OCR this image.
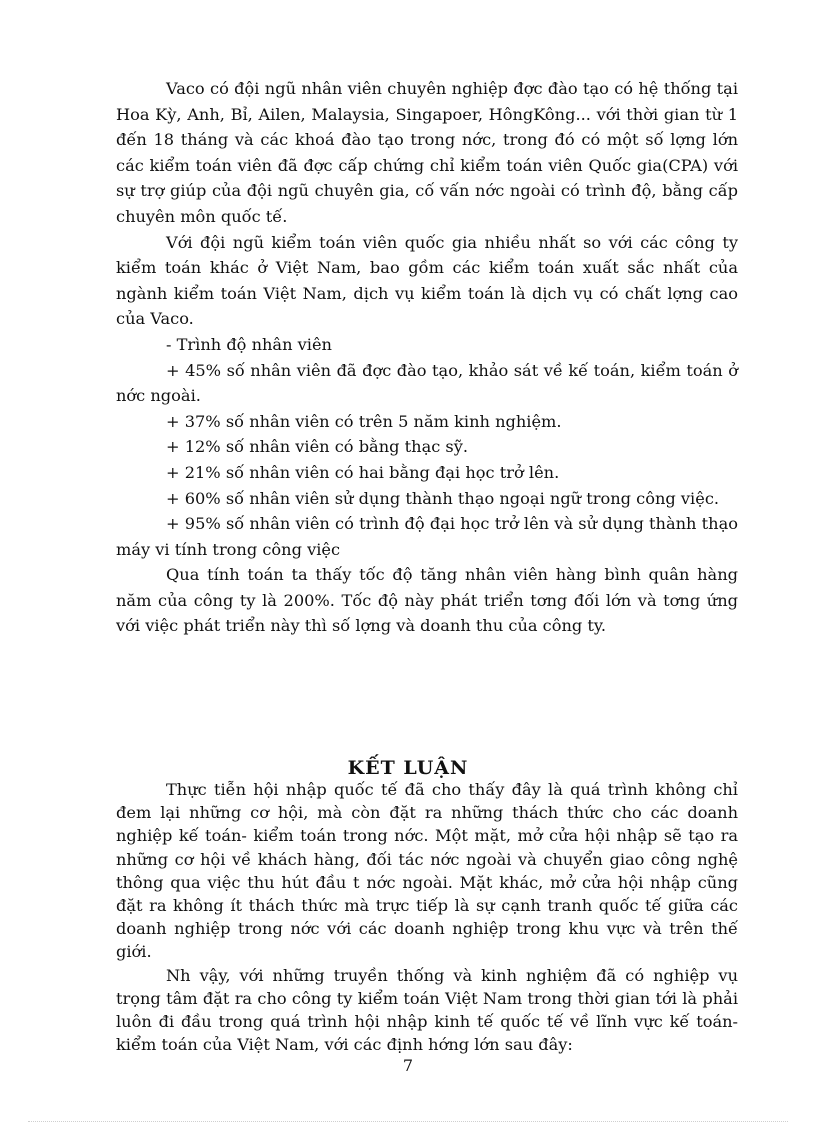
Vaco có đội ngũ nhân viên chuyên nghiệp đợc đào tạo có hệ thống tại Hoa Kỳ, Anh, Bỉ, Ailen, Malaysia, Singapoer, HôngKông... với thời gian từ 1 đến 18 tháng và các khoá đào tạo trong nớc, trong đó có một số lợng lớn các kiểm toán viên đã đợc cấp chứng chỉ kiểm toán viên Quốc gia(CPA) với sự trợ giúp của đội ngũ chuyên gia, cố vấn nớc ngoài có trình độ, bằng cấp chuyên môn quốc tế.

Với đội ngũ kiểm toán viên quốc gia nhiều nhất so với các công ty kiểm toán khác ở Việt Nam, bao gồm các kiểm toán xuất sắc nhất của ngành kiểm toán Việt Nam, dịch vụ kiểm toán là dịch vụ có chất lợng cao của Vaco.

- Trình độ nhân viên

+ 45% số nhân viên đã đợc đào tạo, khảo sát về kế toán, kiểm toán ở nớc ngoài.

+ 37% số nhân viên có trên 5 năm kinh nghiệm.

+ 12% số nhân viên có bằng thạc sỹ.

+ 21% số nhân viên có hai bằng đại học trở lên.

+ 60% số nhân viên sử dụng thành thạo ngoại ngữ trong công việc.

+ 95% số nhân viên có trình độ đại học trở lên và sử dụng thành thạo máy vi tính trong công việc

Qua tính toán ta thấy tốc độ tăng nhân viên hàng bình quân hàng năm của công ty là 200%. Tốc độ này phát triển tơng đối lớn và tơng ứng với việc phát triển này thì số lợng và doanh thu của công ty.

KẾT LUẬN

Thực tiễn hội nhập quốc tế đã cho thấy đây là quá trình không chỉ đem lại những cơ hội, mà còn đặt ra những thách thức cho các doanh nghiệp kế toán- kiểm toán trong nớc. Một mặt, mở cửa hội nhập sẽ tạo ra những cơ hội về khách hàng, đối tác nớc ngoài và chuyển giao công nghệ thông qua việc thu hút đầu t nớc ngoài. Mặt khác, mở cửa hội nhập cũng đặt ra không ít thách thức mà trực tiếp là sự cạnh tranh quốc tế giữa các doanh nghiệp trong nớc với các doanh nghiệp trong khu vực và trên thế giới.

Nh vậy, với những truyền thống và kinh nghiệm đã có nghiệp vụ trọng tâm đặt ra cho công ty kiểm toán Việt Nam trong thời gian tới là phải luôn đi đầu trong quá trình hội nhập kinh tế quốc tế về lĩnh vực kế toán- kiểm toán của Việt Nam, với các định hớng lớn sau đây:

7
